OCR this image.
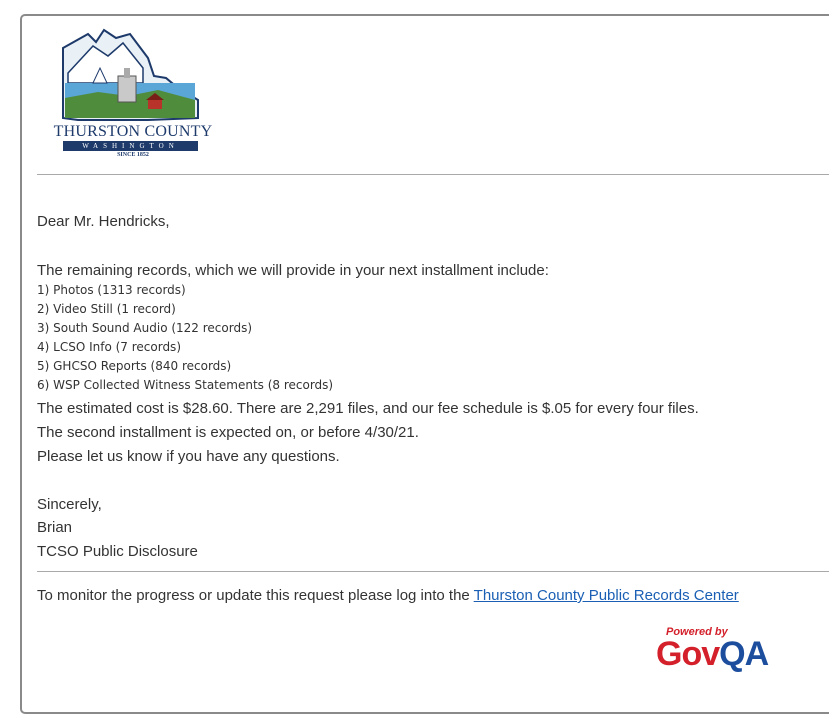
THURSTON COUNTY
WASHINGTON
SINCE 1852
Dear Mr. Hendricks,
The remaining records, which we will provide in your next installment include:
1) Photos (1313 records)
2) Video Still (1 record)
3) South Sound Audio (122 records)
4) LCSO Info (7 records)
5) GHCSO Reports (840 records)
6) WSP Collected Witness Statements (8 records)
The estimated cost is $28.60. There are 2,291 files, and our fee schedule is $.05 for every four files.
The second installment is expected on, or before 4/30/21.
Please let us know if you have any questions.
Sincerely,
Brian
TCSO Public Disclosure
To monitor the progress or update this request please log into the Thurston County Public Records Center
Powered by
GovQA
